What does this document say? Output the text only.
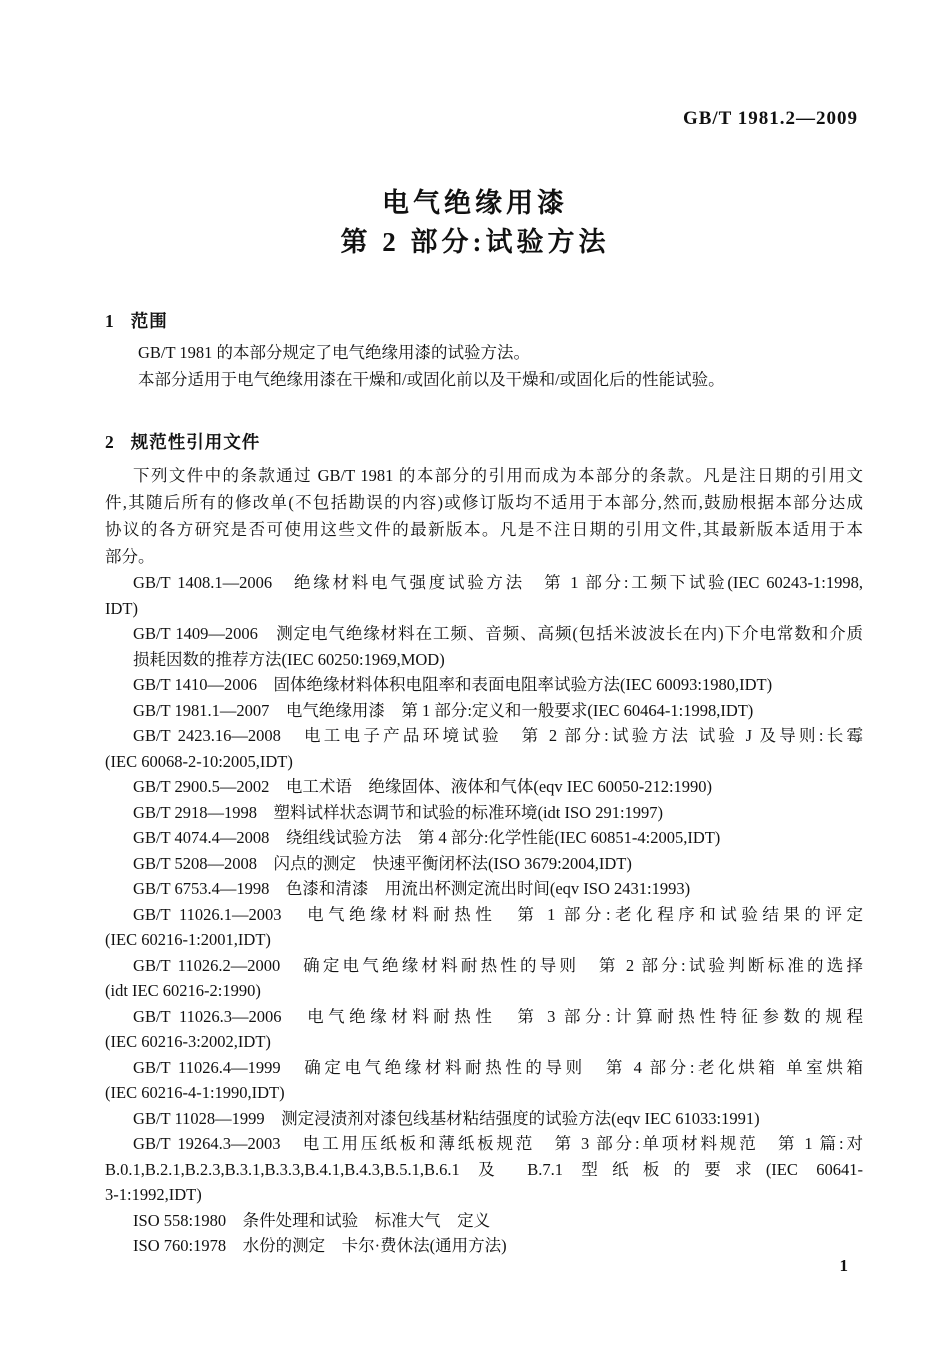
GB/T 1981.2—2009
电气绝缘用漆
第 2 部分:试验方法
1 范围

GB/T 1981 的本部分规定了电气绝缘用漆的试验方法。

本部分适用于电气绝缘用漆在干燥和/或固化前以及干燥和/或固化后的性能试验。

2 规范性引用文件
下列文件中的条款通过 GB/T 1981 的本部分的引用而成为本部分的条款。凡是注日期的引用文
件,其随后所有的修改单(不包括勘误的内容)或修订版均不适用于本部分,然而,鼓励根据本部分达成
协议的各方研究是否可使用这些文件的最新版本。凡是不注日期的引用文件,其最新版本适用于本
部分。
GB/T 1408.1—2006　绝缘材料电气强度试验方法　第 1 部分:工频下试验(IEC 60243-1:1998,
IDT)
GB/T 1409—2006　测定电气绝缘材料在工频、音频、高频(包括米波波长在内)下介电常数和介质
损耗因数的推荐方法(IEC 60250:1969,MOD)
GB/T 1410—2006　固体绝缘材料体积电阻率和表面电阻率试验方法(IEC 60093:1980,IDT)
GB/T 1981.1—2007　电气绝缘用漆　第 1 部分:定义和一般要求(IEC 60464-1:1998,IDT)
GB/T 2423.16—2008　电工电子产品环境试验　第 2 部分:试验方法 试验 J 及导则:长霉
(IEC 60068-2-10:2005,IDT)
GB/T 2900.5—2002　电工术语　绝缘固体、液体和气体(eqv IEC 60050-212:1990)
GB/T 2918—1998　塑料试样状态调节和试验的标准环境(idt ISO 291:1997)
GB/T 4074.4—2008　绕组线试验方法　第 4 部分:化学性能(IEC 60851-4:2005,IDT)
GB/T 5208—2008　闪点的测定　快速平衡闭杯法(ISO 3679:2004,IDT)
GB/T 6753.4—1998　色漆和清漆　用流出杯测定流出时间(eqv ISO 2431:1993)
GB/T 11026.1—2003　电气绝缘材料耐热性　第 1 部分:老化程序和试验结果的评定
(IEC 60216-1:2001,IDT)
GB/T 11026.2—2000　确定电气绝缘材料耐热性的导则　第 2 部分:试验判断标准的选择
(idt IEC 60216-2:1990)
GB/T 11026.3—2006　电气绝缘材料耐热性　第 3 部分:计算耐热性特征参数的规程
(IEC 60216-3:2002,IDT)
GB/T 11026.4—1999　确定电气绝缘材料耐热性的导则　第 4 部分:老化烘箱 单室烘箱
(IEC 60216-4-1:1990,IDT)
GB/T 11028—1999　测定浸渍剂对漆包线基材粘结强度的试验方法(eqv IEC 61033:1991)
GB/T 19264.3—2003　电工用压纸板和薄纸板规范　第 3 部分:单项材料规范　第 1 篇:对
B.0.1,B.2.1,B.2.3,B.3.1,B.3.3,B.4.1,B.4.3,B.5.1,B.6.1 及 B.7.1 型纸板的要求(IEC 60641-
3-1:1992,IDT)
ISO 558:1980　条件处理和试验　标准大气　定义
ISO 760:1978　水份的测定　卡尔·费休法(通用方法)
1
